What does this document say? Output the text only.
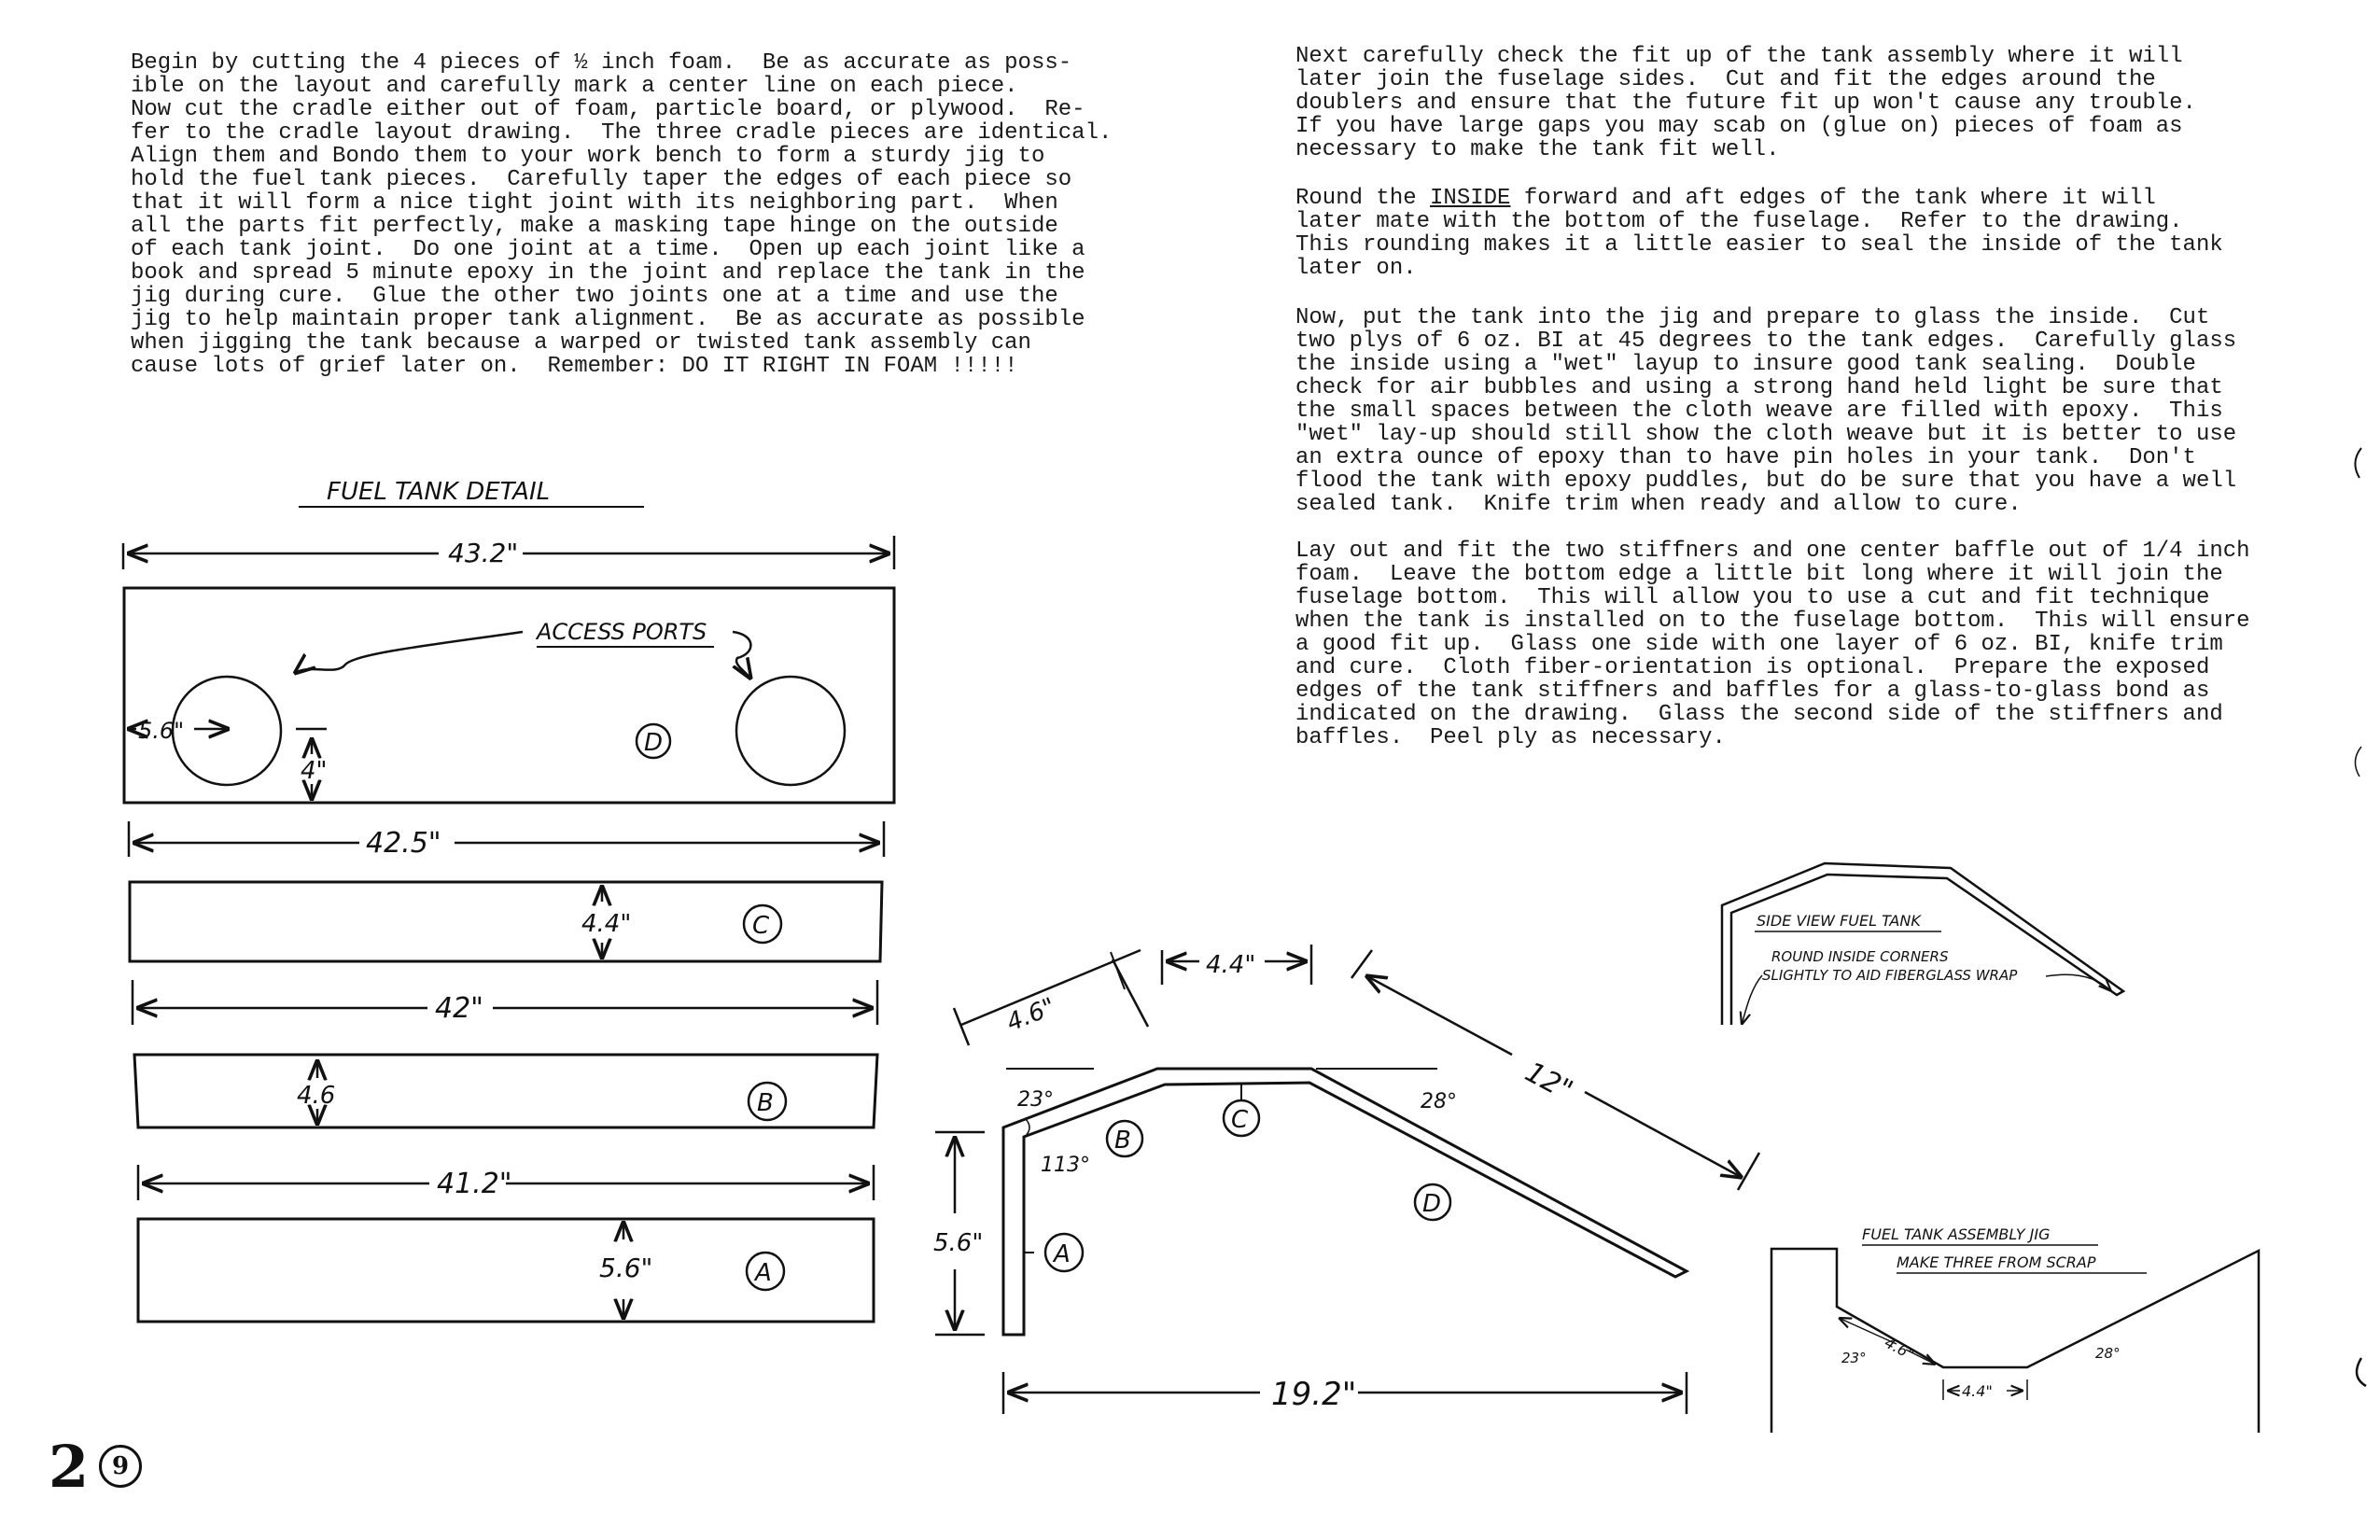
Begin by cutting the 4 pieces of ½ inch foam.  Be as accurate as poss-
ible on the layout and carefully mark a center line on each piece.
Now cut the cradle either out of foam, particle board, or plywood.  Re-
fer to the cradle layout drawing.  The three cradle pieces are identical.
Align them and Bondo them to your work bench to form a sturdy jig to
hold the fuel tank pieces.  Carefully taper the edges of each piece so
that it will form a nice tight joint with its neighboring part.  When
all the parts fit perfectly, make a masking tape hinge on the outside
of each tank joint.  Do one joint at a time.  Open up each joint like a
book and spread 5 minute epoxy in the joint and replace the tank in the
jig during cure.  Glue the other two joints one at a time and use the
jig to help maintain proper tank alignment.  Be as accurate as possible
when jigging the tank because a warped or twisted tank assembly can
cause lots of grief later on.  Remember: DO IT RIGHT IN FOAM !!!!!
Next carefully check the fit up of the tank assembly where it will
later join the fuselage sides.  Cut and fit the edges around the
doublers and ensure that the future fit up won't cause any trouble.
If you have large gaps you may scab on (glue on) pieces of foam as
necessary to make the tank fit well.
Round the INSIDE forward and aft edges of the tank where it will
later mate with the bottom of the fuselage.  Refer to the drawing.
This rounding makes it a little easier to seal the inside of the tank
later on.
Now, put the tank into the jig and prepare to glass the inside.  Cut
two plys of 6 oz. BI at 45 degrees to the tank edges.  Carefully glass
the inside using a "wet" layup to insure good tank sealing.  Double
check for air bubbles and using a strong hand held light be sure that
the small spaces between the cloth weave are filled with epoxy.  This
"wet" lay-up should still show the cloth weave but it is better to use
an extra ounce of epoxy than to have pin holes in your tank.  Don't
flood the tank with epoxy puddles, but do be sure that you have a well
sealed tank.  Knife trim when ready and allow to cure.
Lay out and fit the two stiffners and one center baffle out of 1/4 inch
foam.  Leave the bottom edge a little bit long where it will join the
fuselage bottom.  This will allow you to use a cut and fit technique
when the tank is installed on to the fuselage bottom.  This will ensure
a good fit up.  Glass one side with one layer of 6 oz. BI, knife trim
and cure.  Cloth fiber-orientation is optional.  Prepare the exposed
edges of the tank stiffners and baffles for a glass-to-glass bond as
indicated on the drawing.  Glass the second side of the stiffners and
baffles.  Peel ply as necessary.
FUEL TANK DETAIL
43.2"
5.6"
4"
ACCESS PORTS
D
42.5"
4.4"	C
42"
4.6	B
41.2"
5.6"	A
4.6"
4.4"
12"
5.6"
19.2"
23°
113°
28°
A
B
C
D
SIDE VIEW FUEL TANK
ROUND INSIDE CORNERS
SLIGHTLY TO AID FIBERGLASS WRAP
FUEL TANK ASSEMBLY JIG
MAKE THREE FROM SCRAP
4.6"
23°
4.4"
28°
2 9
